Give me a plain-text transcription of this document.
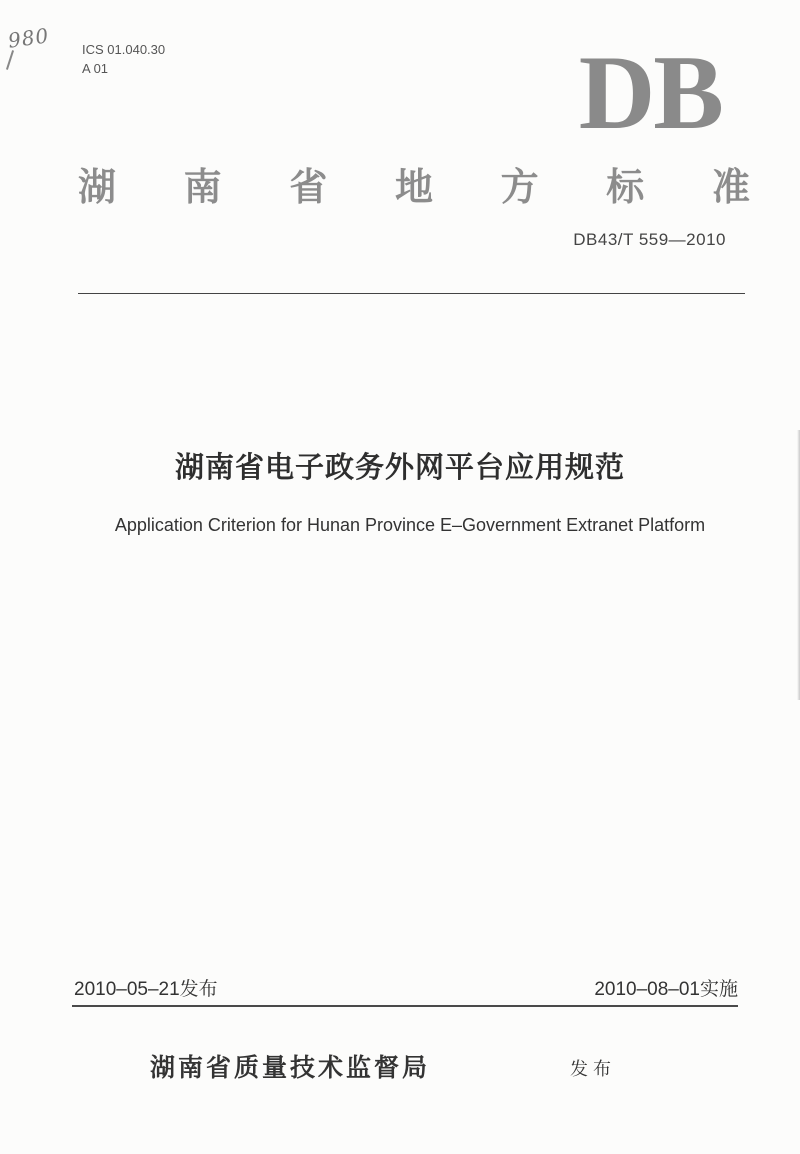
980 ICS 01.040.30
A 01	DB
湖 南 省 地 方 标 准
DB43/T 559—2010
湖南省电子政务外网平台应用规范
Application Criterion for Hunan Province E–Government Extranet Platform
2010–05–21发布	2010–08–01实施
湖南省质量技术监督局	发布
